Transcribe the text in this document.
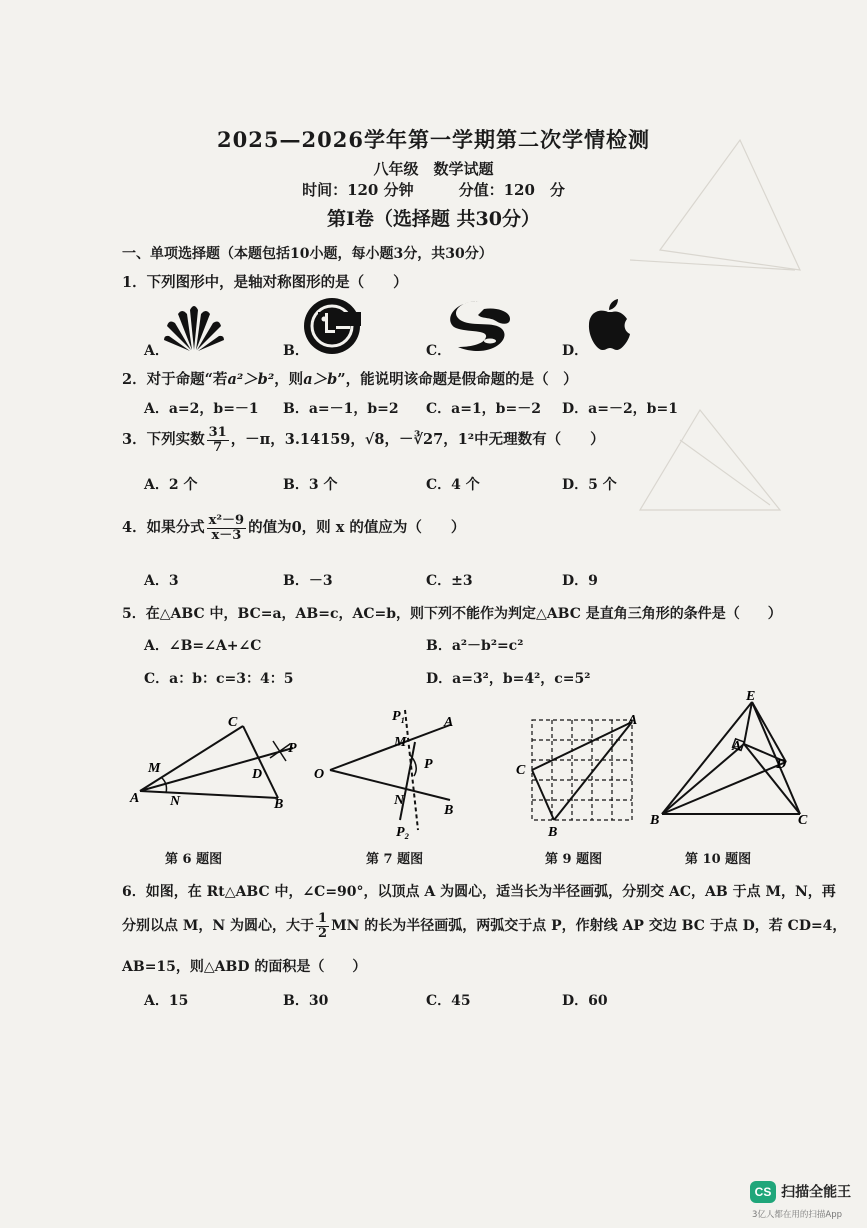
2025—2026学年第一学期第二次学情检测
八年级　数学试题
时间：120 分钟　　　分值：120　分
第Ⅰ卷（选择题 共30分）
一、单项选择题（本题包括10小题，每小题3分，共30分）
1．下列图形中，是轴对称图形的是（　　）
A．	B．	C．	D．
2．对于命题“若a²＞b²，则a＞b”，能说明该命题是假命题的是（　）
A．a=2，b=－1 B．a=－1，b=2 C．a=1，b=－2 D．a=－2，b=1
3．下列实数 $\frac{31}{7}$ ，－π，3.14159，√8，－∛27，1²中无理数有（　　）
A．2 个	B．3 个	C．4 个	D．5 个
4．如果分式 $\frac{\text{x²－9}}{x-3}$ 的值为0，则 x 的值应为（　　）
A．3	B．－3	C．±3	D．9
5．在△ABC 中，BC=a，AB=c，AC=b，则下列不能作为判定△ABC 是直角三角形的条件是（　　）
A．∠B=∠A+∠C	B．a²－b²=c²
C．a：b：c=3：4：5	D．a=3²，b=4²，c=5²
C
M
P
D
A N	B
P₁	A
M
P
O
N
B
P₂
A
C
B
E
A
D
B	C
第 6 题图	第 7 题图	第 9 题图	第 10 题图
6．如图，在 Rt△ABC 中，∠C=90°，以顶点 A 为圆心，适当长为半径画弧，分别交 AC，AB 于点 M，N，再
分别以点 M，N 为圆心，大于 $\frac{1}{2}$ MN 的长为半径画弧，两弧交于点 P，作射线 AP 交边 BC 于点 D，若 CD=4，
AB=15，则△ABD 的面积是（　　）
A．15	B．30	C．45	D．60
CS 扫描全能王
3亿人都在用的扫描App
